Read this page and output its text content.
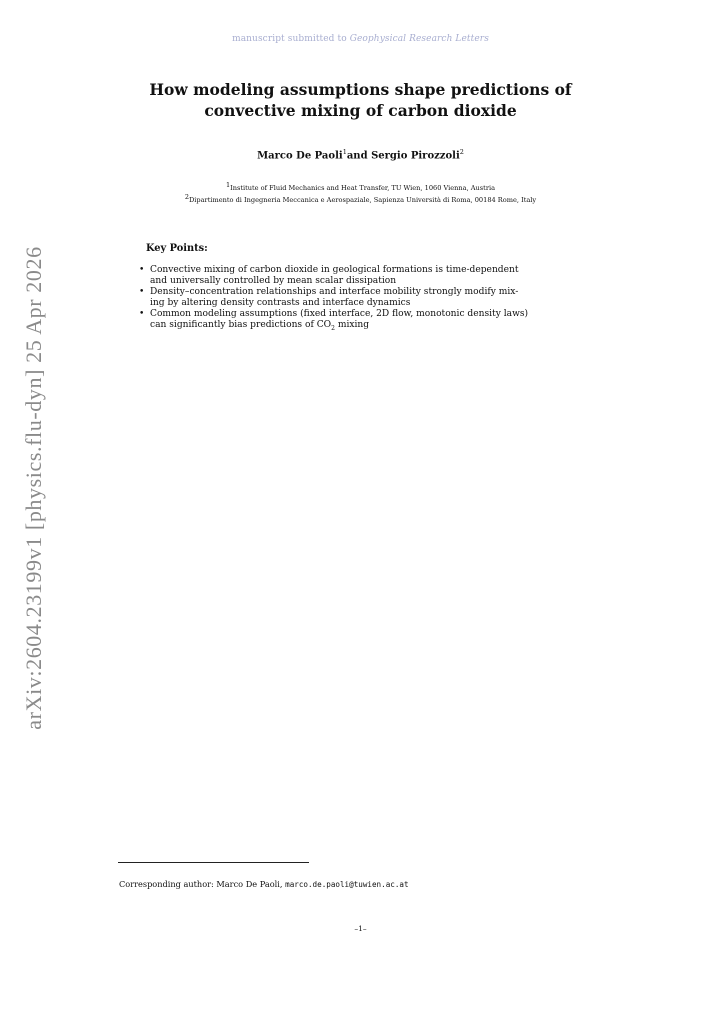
manuscript submitted to Geophysical Research Letters
arXiv:2604.23199v1 [physics.flu-dyn] 25 Apr 2026
How modeling assumptions shape predictions of
convective mixing of carbon dioxide
Marco De Paoli$^1$and Sergio Pirozzoli$^2$
$^1$Institute of Fluid Mechanics and Heat Transfer, TU Wien, 1060 Vienna, Austria
$^2$Dipartimento di Ingegneria Meccanica e Aerospaziale, Sapienza Università di Roma, 00184 Rome, Italy
Key Points:
• Convective mixing of carbon dioxide in geological formations is time-dependent
and universally controlled by mean scalar dissipation
• Density–concentration relationships and interface mobility strongly modify mix-
ing by altering density contrasts and interface dynamics
• Common modeling assumptions (fixed interface, 2D flow, monotonic density laws)
can significantly bias predictions of $CO_2$ mixing
Corresponding author: Marco De Paoli, marco.de.paoli@tuwien.ac.at
–1–
